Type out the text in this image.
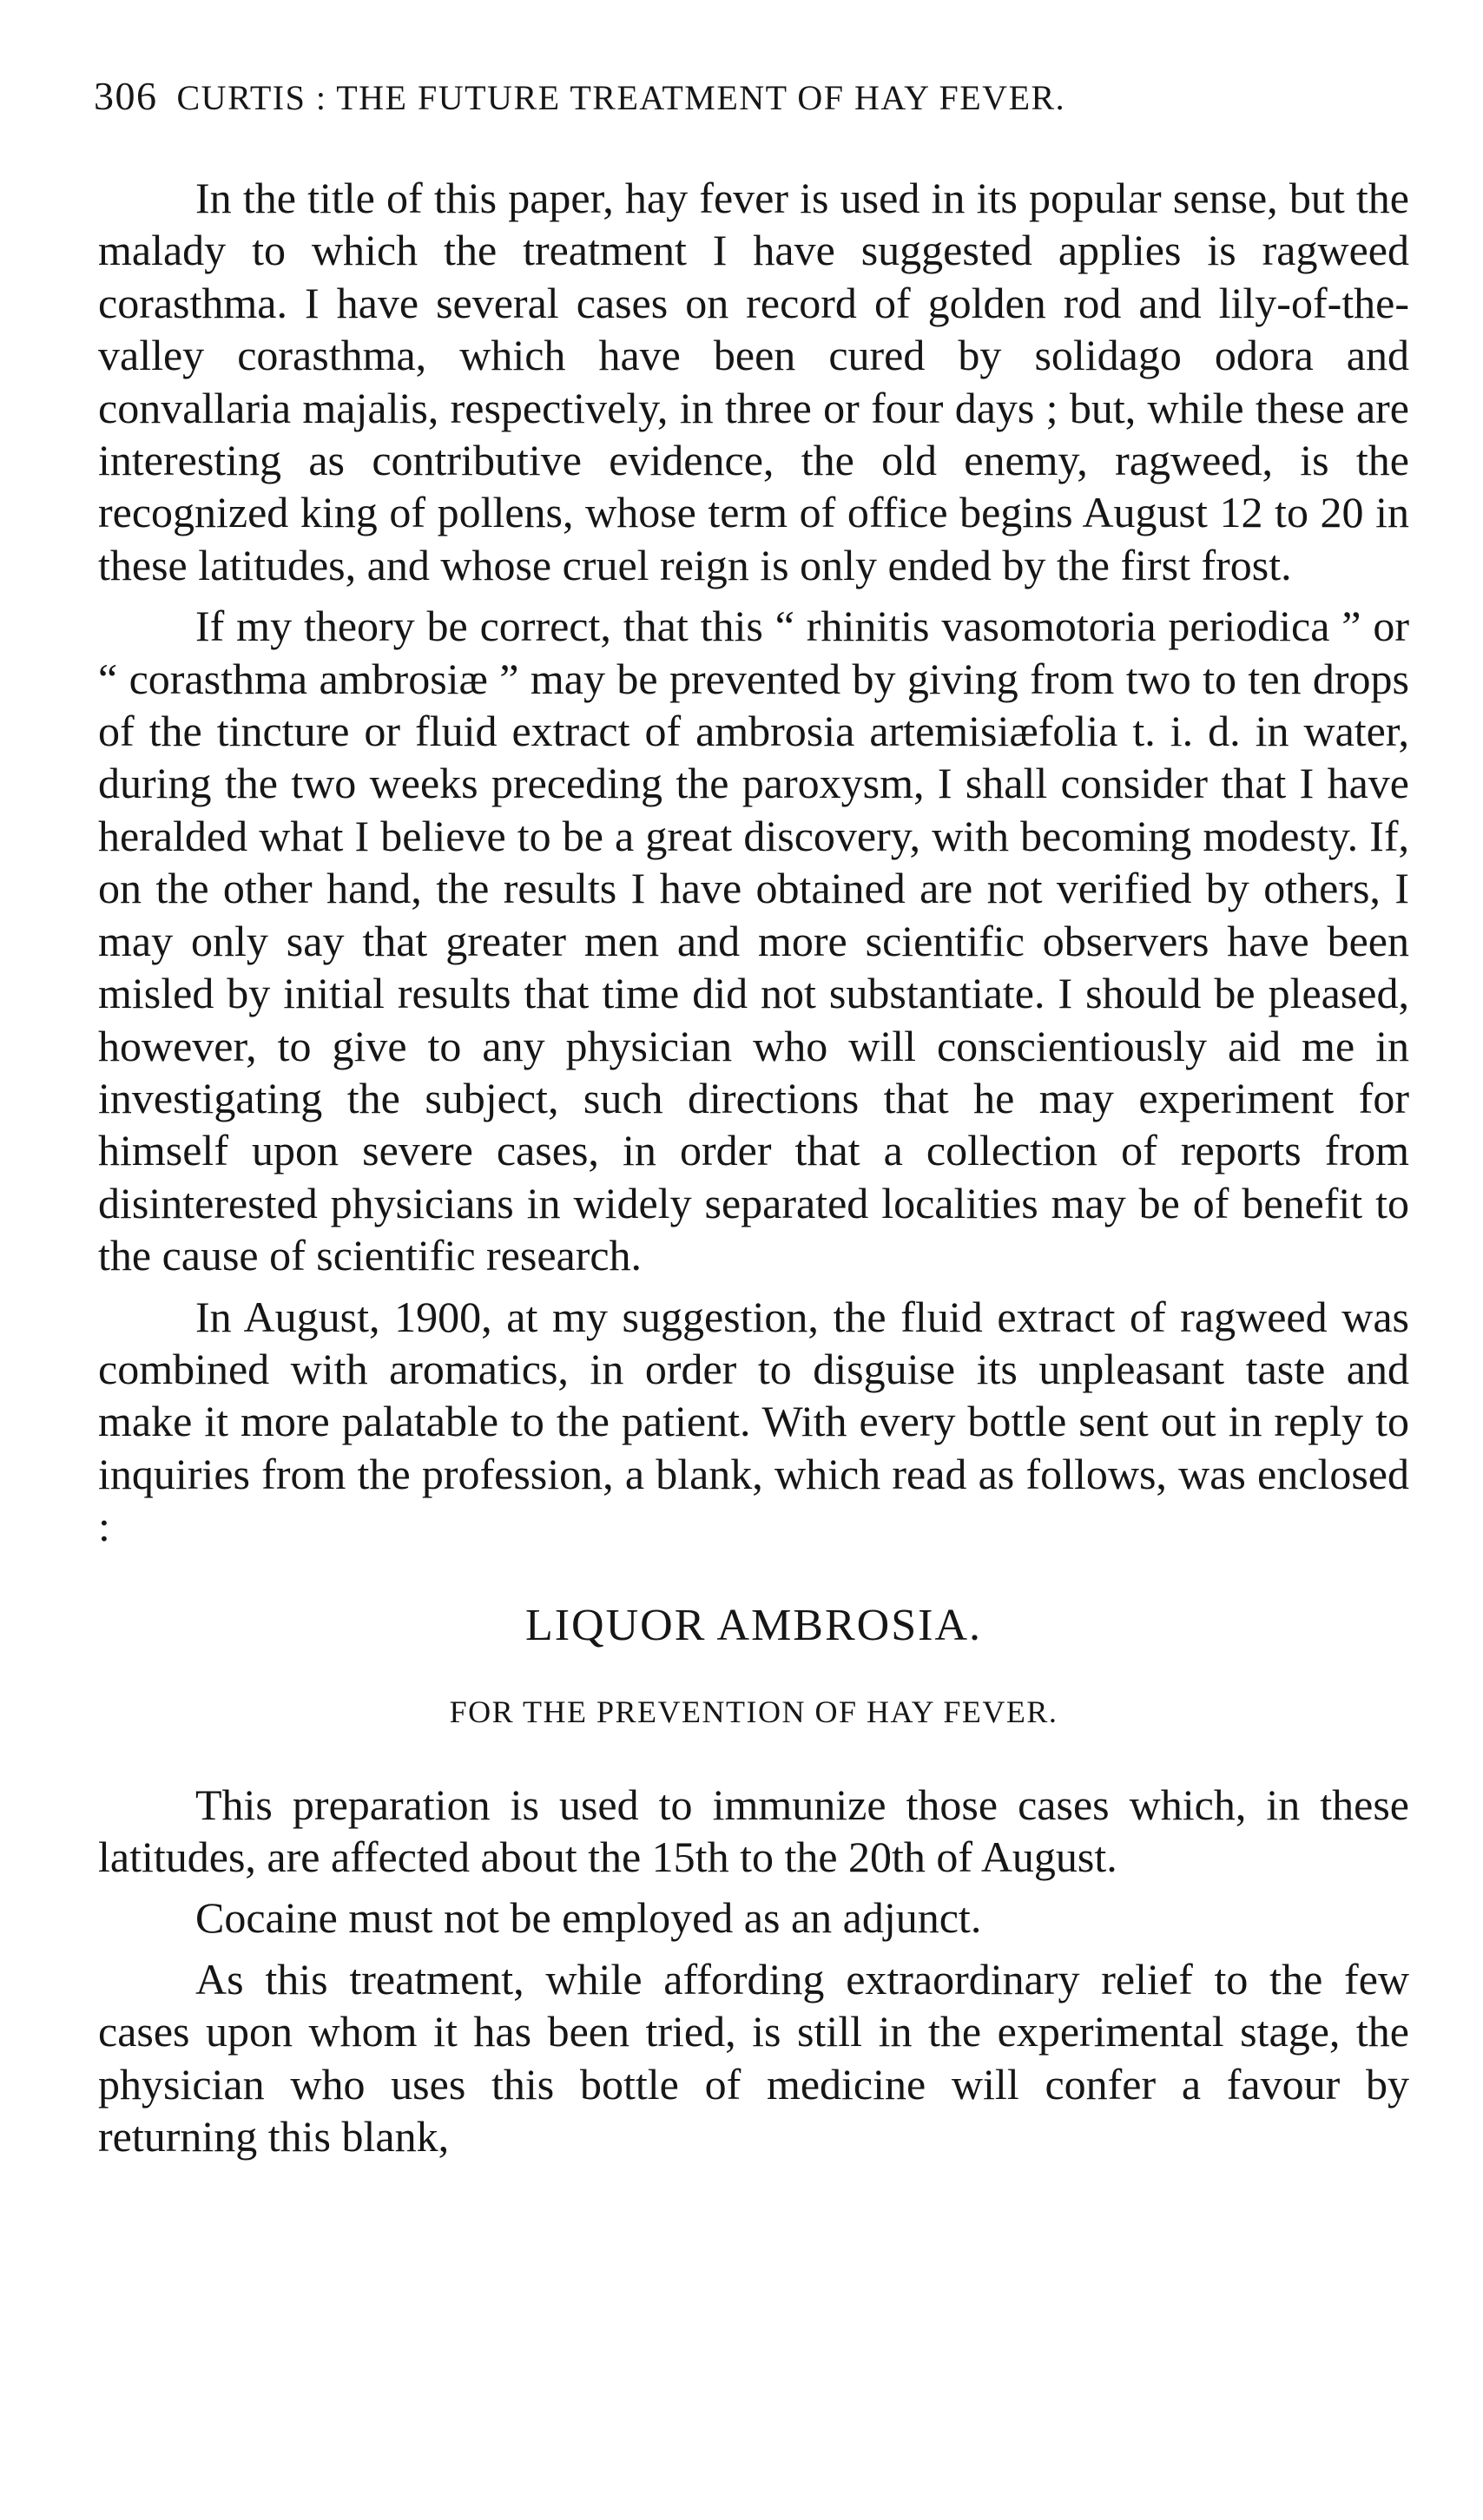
306 CURTIS : THE FUTURE TREATMENT OF HAY FEVER.

In the title of this paper, hay fever is used in its popular sense, but the malady to which the treatment I have suggested applies is ragweed corasthma. I have several cases on record of golden rod and lily-of-the-valley corasthma, which have been cured by solidago odora and convallaria majalis, respectively, in three or four days ; but, while these are interesting as contributive evidence, the old enemy, ragweed, is the recognized king of pollens, whose term of office begins August 12 to 20 in these latitudes, and whose cruel reign is only ended by the first frost.

If my theory be correct, that this “ rhinitis vasomotoria periodica ” or “ corasthma ambrosiæ ” may be prevented by giving from two to ten drops of the tincture or fluid extract of ambrosia artemisiæfolia t. i. d. in water, during the two weeks preceding the paroxysm, I shall consider that I have heralded what I believe to be a great discovery, with becoming modesty. If, on the other hand, the results I have obtained are not verified by others, I may only say that greater men and more scientific observers have been misled by initial results that time did not substantiate. I should be pleased, however, to give to any physician who will conscientiously aid me in investigating the subject, such directions that he may experiment for himself upon severe cases, in order that a collection of reports from disinterested physicians in widely separated localities may be of benefit to the cause of scientific research.

In August, 1900, at my suggestion, the fluid extract of ragweed was combined with aromatics, in order to disguise its unpleasant taste and make it more palatable to the patient. With every bottle sent out in reply to inquiries from the profession, a blank, which read as follows, was enclosed :

LIQUOR AMBROSIA.
FOR THE PREVENTION OF HAY FEVER.

This preparation is used to immunize those cases which, in these latitudes, are affected about the 15th to the 20th of August.

Cocaine must not be employed as an adjunct.

As this treatment, while affording extraordinary relief to the few cases upon whom it has been tried, is still in the experimental stage, the physician who uses this bottle of medicine will confer a favour by returning this blank,
